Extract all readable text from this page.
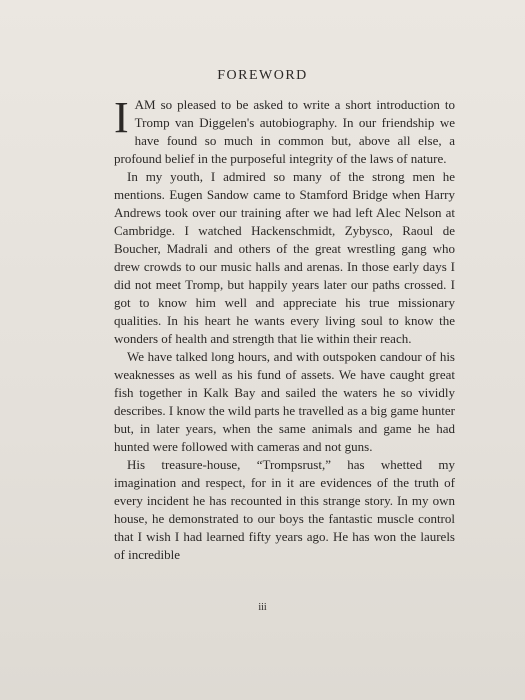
FOREWORD

IAM so pleased to be asked to write a short introduction to Tromp van Diggelen's autobiography. In our friendship we have found so much in common but, above all else, a profound belief in the purposeful integrity of the laws of nature.

In my youth, I admired so many of the strong men he mentions. Eugen Sandow came to Stamford Bridge when Harry Andrews took over our training after we had left Alec Nelson at Cambridge. I watched Hackenschmidt, Zybysco, Raoul de Boucher, Madrali and others of the great wrestling gang who drew crowds to our music halls and arenas. In those early days I did not meet Tromp, but happily years later our paths crossed. I got to know him well and appreciate his true missionary qualities. In his heart he wants every living soul to know the wonders of health and strength that lie within their reach.

We have talked long hours, and with outspoken candour of his weaknesses as well as his fund of assets. We have caught great fish together in Kalk Bay and sailed the waters he so vividly describes. I know the wild parts he travelled as a big game hunter but, in later years, when the same animals and game he had hunted were followed with cameras and not guns.

His treasure-house, “Trompsrust,” has whetted my imagination and respect, for in it are evidences of the truth of every incident he has recounted in this strange story. In my own house, he demonstrated to our boys the fantastic muscle control that I wish I had learned fifty years ago. He has won the laurels of incredible

iii
